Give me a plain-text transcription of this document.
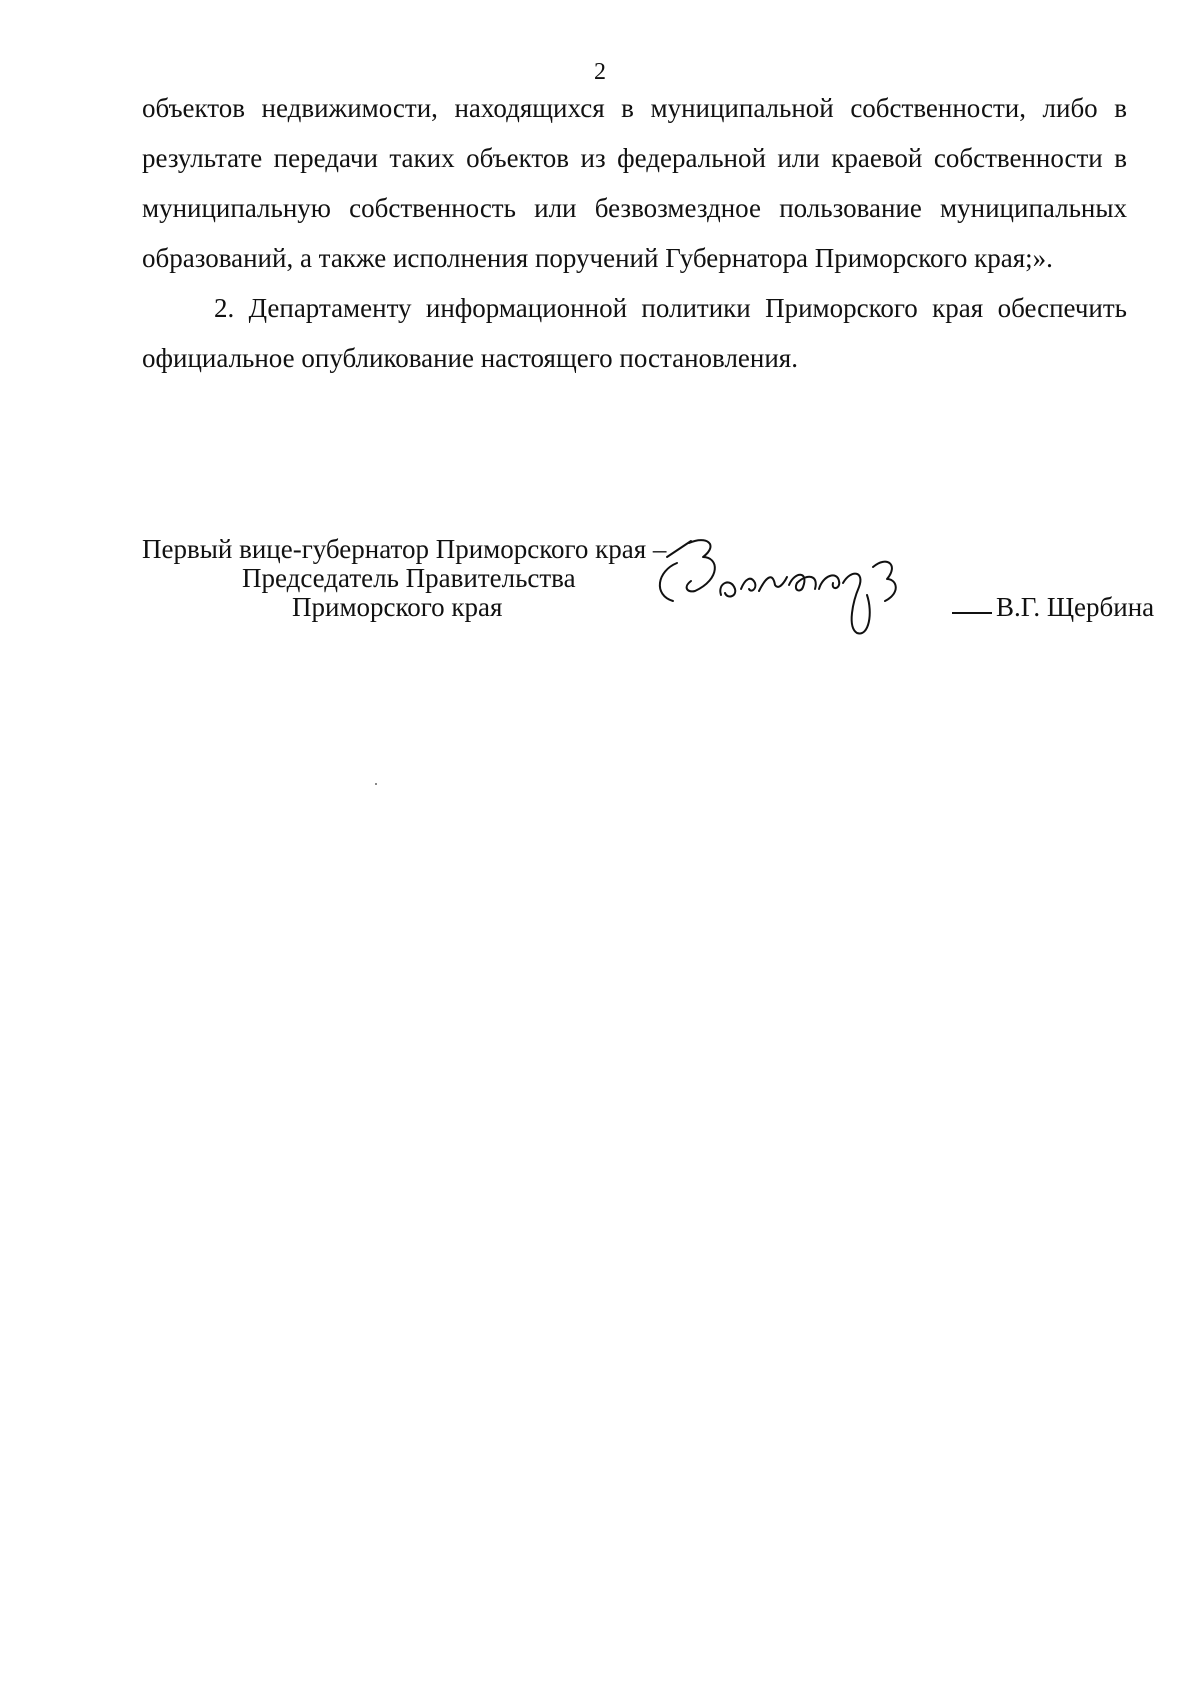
2

объектов недвижимости, находящихся в муниципальной собственности, либо в результате передачи таких объектов из федеральной или краевой собственности в муниципальную собственность или безвозмездное пользование муниципальных образований, а также исполнения поручений Губернатора Приморского края;».

2. Департаменту информационной политики Приморского края обеспечить официальное опубликование настоящего постановления.

Первый вице-губернатор Приморского края –
Председатель Правительства
Приморского края	В.Г. Щербина
